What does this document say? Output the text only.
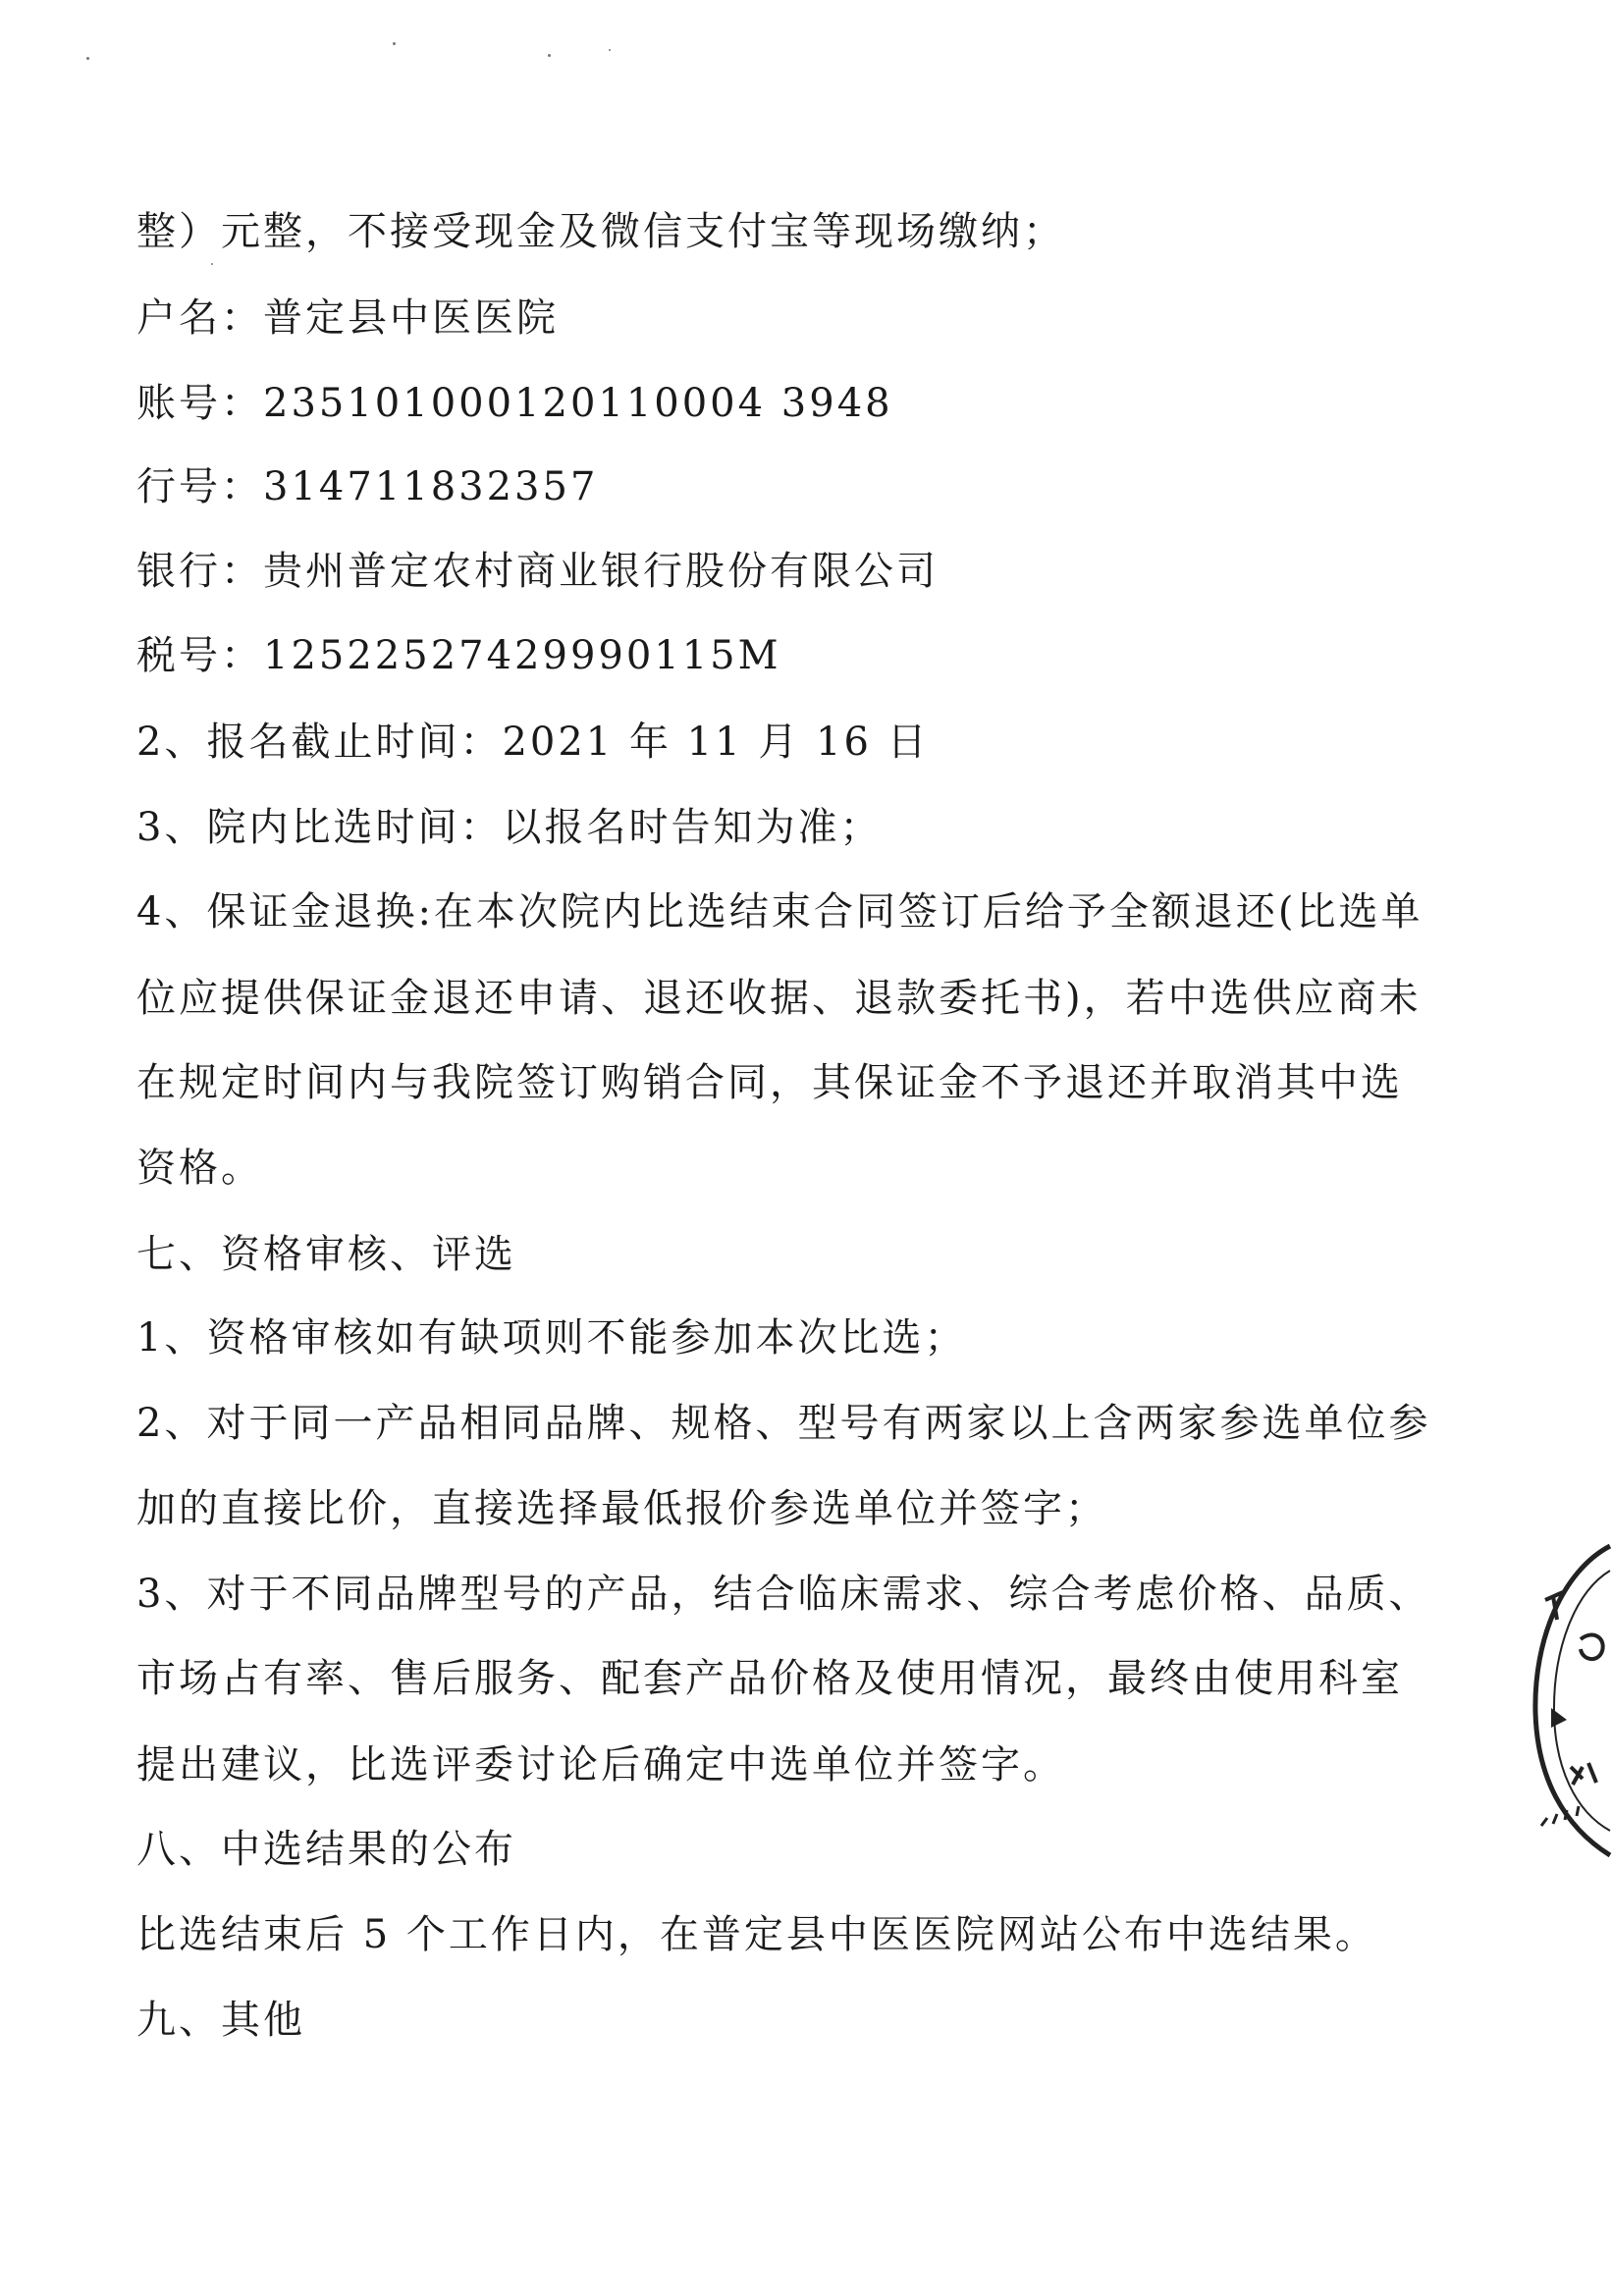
整）元整，不接受现金及微信支付宝等现场缴纳；
户名：普定县中医医院
账号：235101000120110004 3948
行号：314711832357
银行：贵州普定农村商业银行股份有限公司
税号：12522527429990115M
2、报名截止时间：2021 年 11 月 16 日
3、院内比选时间：以报名时告知为准；
4、保证金退换:在本次院内比选结束合同签订后给予全额退还(比选单
位应提供保证金退还申请、退还收据、退款委托书)，若中选供应商未
在规定时间内与我院签订购销合同，其保证金不予退还并取消其中选
资格。
七、资格审核、评选
1、资格审核如有缺项则不能参加本次比选；
2、对于同一产品相同品牌、规格、型号有两家以上含两家参选单位参
加的直接比价，直接选择最低报价参选单位并签字；
3、对于不同品牌型号的产品，结合临床需求、综合考虑价格、品质、
市场占有率、售后服务、配套产品价格及使用情况，最终由使用科室
提出建议，比选评委讨论后确定中选单位并签字。
八、中选结果的公布
比选结束后 5 个工作日内，在普定县中医医院网站公布中选结果。
九、其他
